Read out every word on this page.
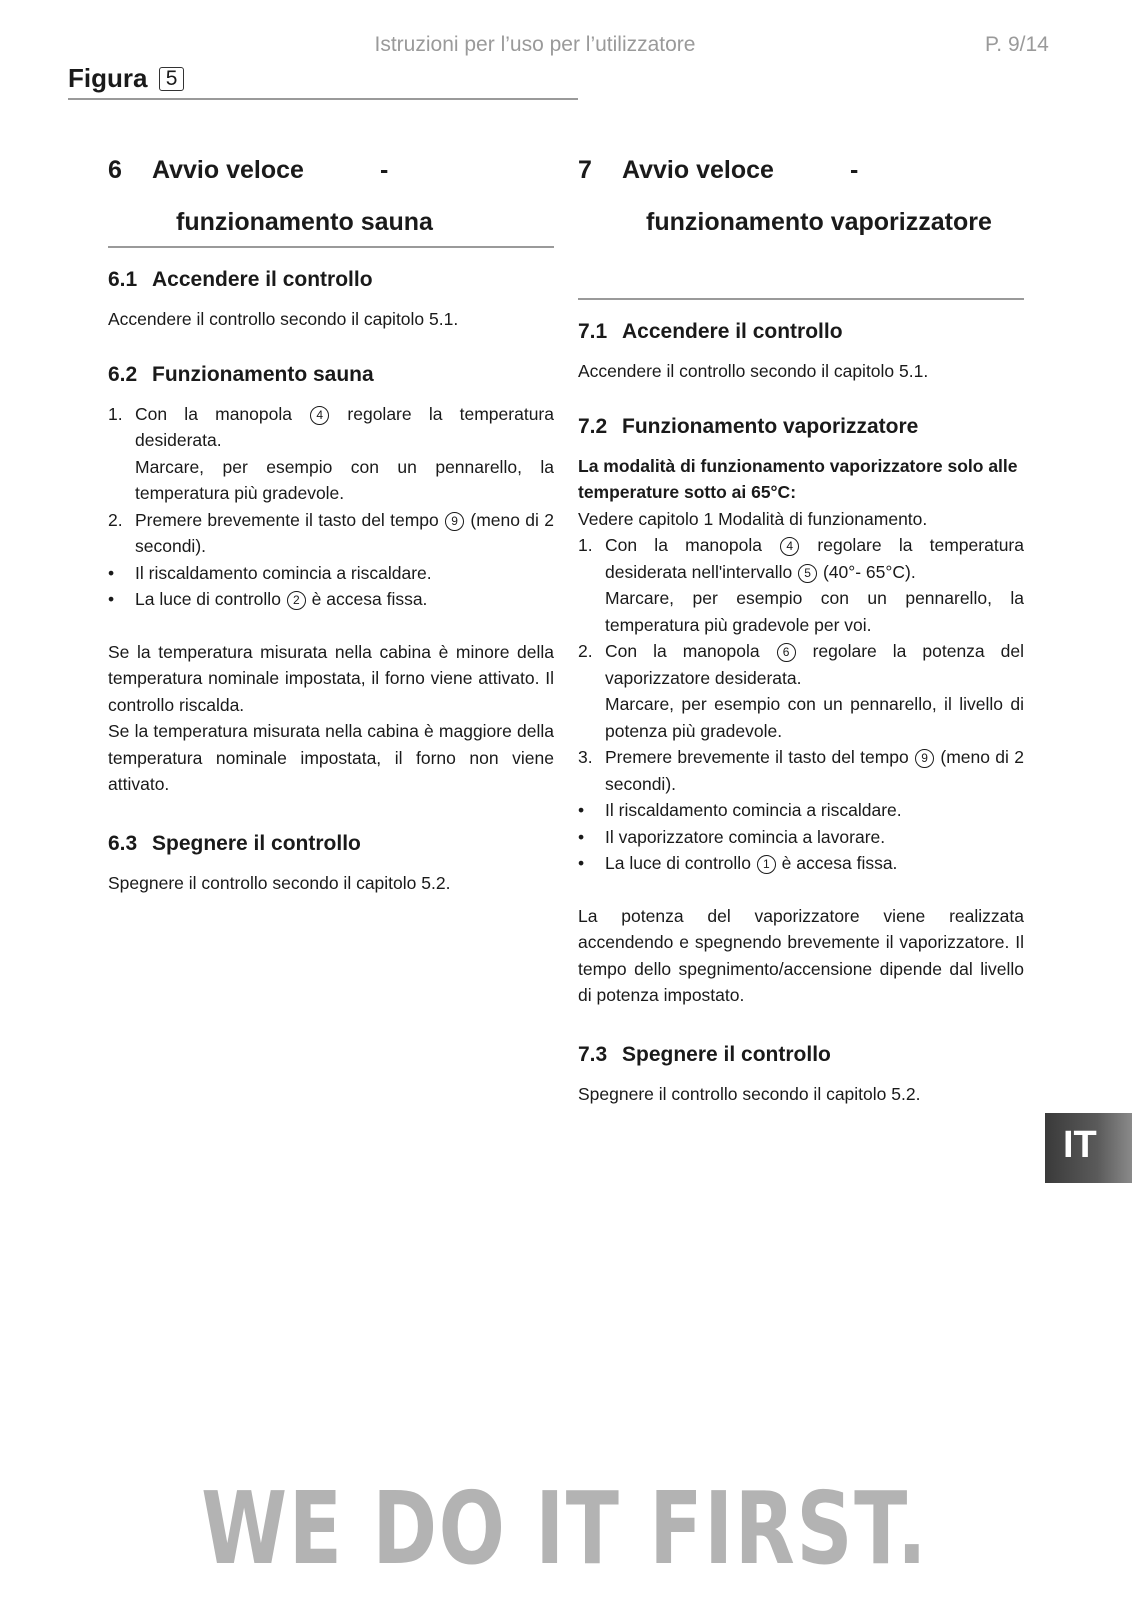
Istruzioni per l’uso per l’utilizzatore	P. 9/14
Figura 5
6 Avvio veloce	-
funzionamento sauna
6.1 Accendere il controllo

Accendere il controllo secondo il capitolo 5.1.

6.2 Funzionamento sauna
1. Con la manopola 4 regolare la temperatura desiderata.
Marcare, per esempio con un pennarello, la temperatura più gradevole.
2. Premere brevemente il tasto del tempo 9 (meno di 2 secondi).
• Il riscaldamento comincia a riscaldare.
• La luce di controllo 2 è accesa fissa.

Se la temperatura misurata nella cabina è minore della temperatura nominale impostata, il forno viene attivato. Il controllo riscalda.

Se la temperatura misurata nella cabina è maggiore della temperatura nominale impostata, il forno non viene attivato.

6.3 Spegnere il controllo

Spegnere il controllo secondo il capitolo 5.2.

7 Avvio veloce	-
funzionamento vaporizzatore
7.1 Accendere il controllo

Accendere il controllo secondo il capitolo 5.1.

7.2 Funzionamento vaporizzatore

La modalità di funzionamento vaporizzatore solo alle temperature sotto ai 65°C:

Vedere capitolo 1 Modalità di funzionamento.

1. Con la manopola 4 regolare la temperatura desiderata nell'intervallo 5 (40°- 65°C).
Marcare, per esempio con un pennarello, la temperatura più gradevole per voi.
2. Con la manopola 6 regolare la potenza del vaporizzatore desiderata.
Marcare, per esempio con un pennarello, il livello di potenza più gradevole.
3. Premere brevemente il tasto del tempo 9 (meno di 2 secondi).
• Il riscaldamento comincia a riscaldare.
• Il vaporizzatore comincia a lavorare.
• La luce di controllo 1 è accesa fissa.

La potenza del vaporizzatore viene realizzata accendendo e spegnendo brevemente il vaporizzatore. Il tempo dello spegnimento/accensione dipende dal livello di potenza impostato.

7.3 Spegnere il controllo

Spegnere il controllo secondo il capitolo 5.2.

IT
WE DO IT FIRST.
